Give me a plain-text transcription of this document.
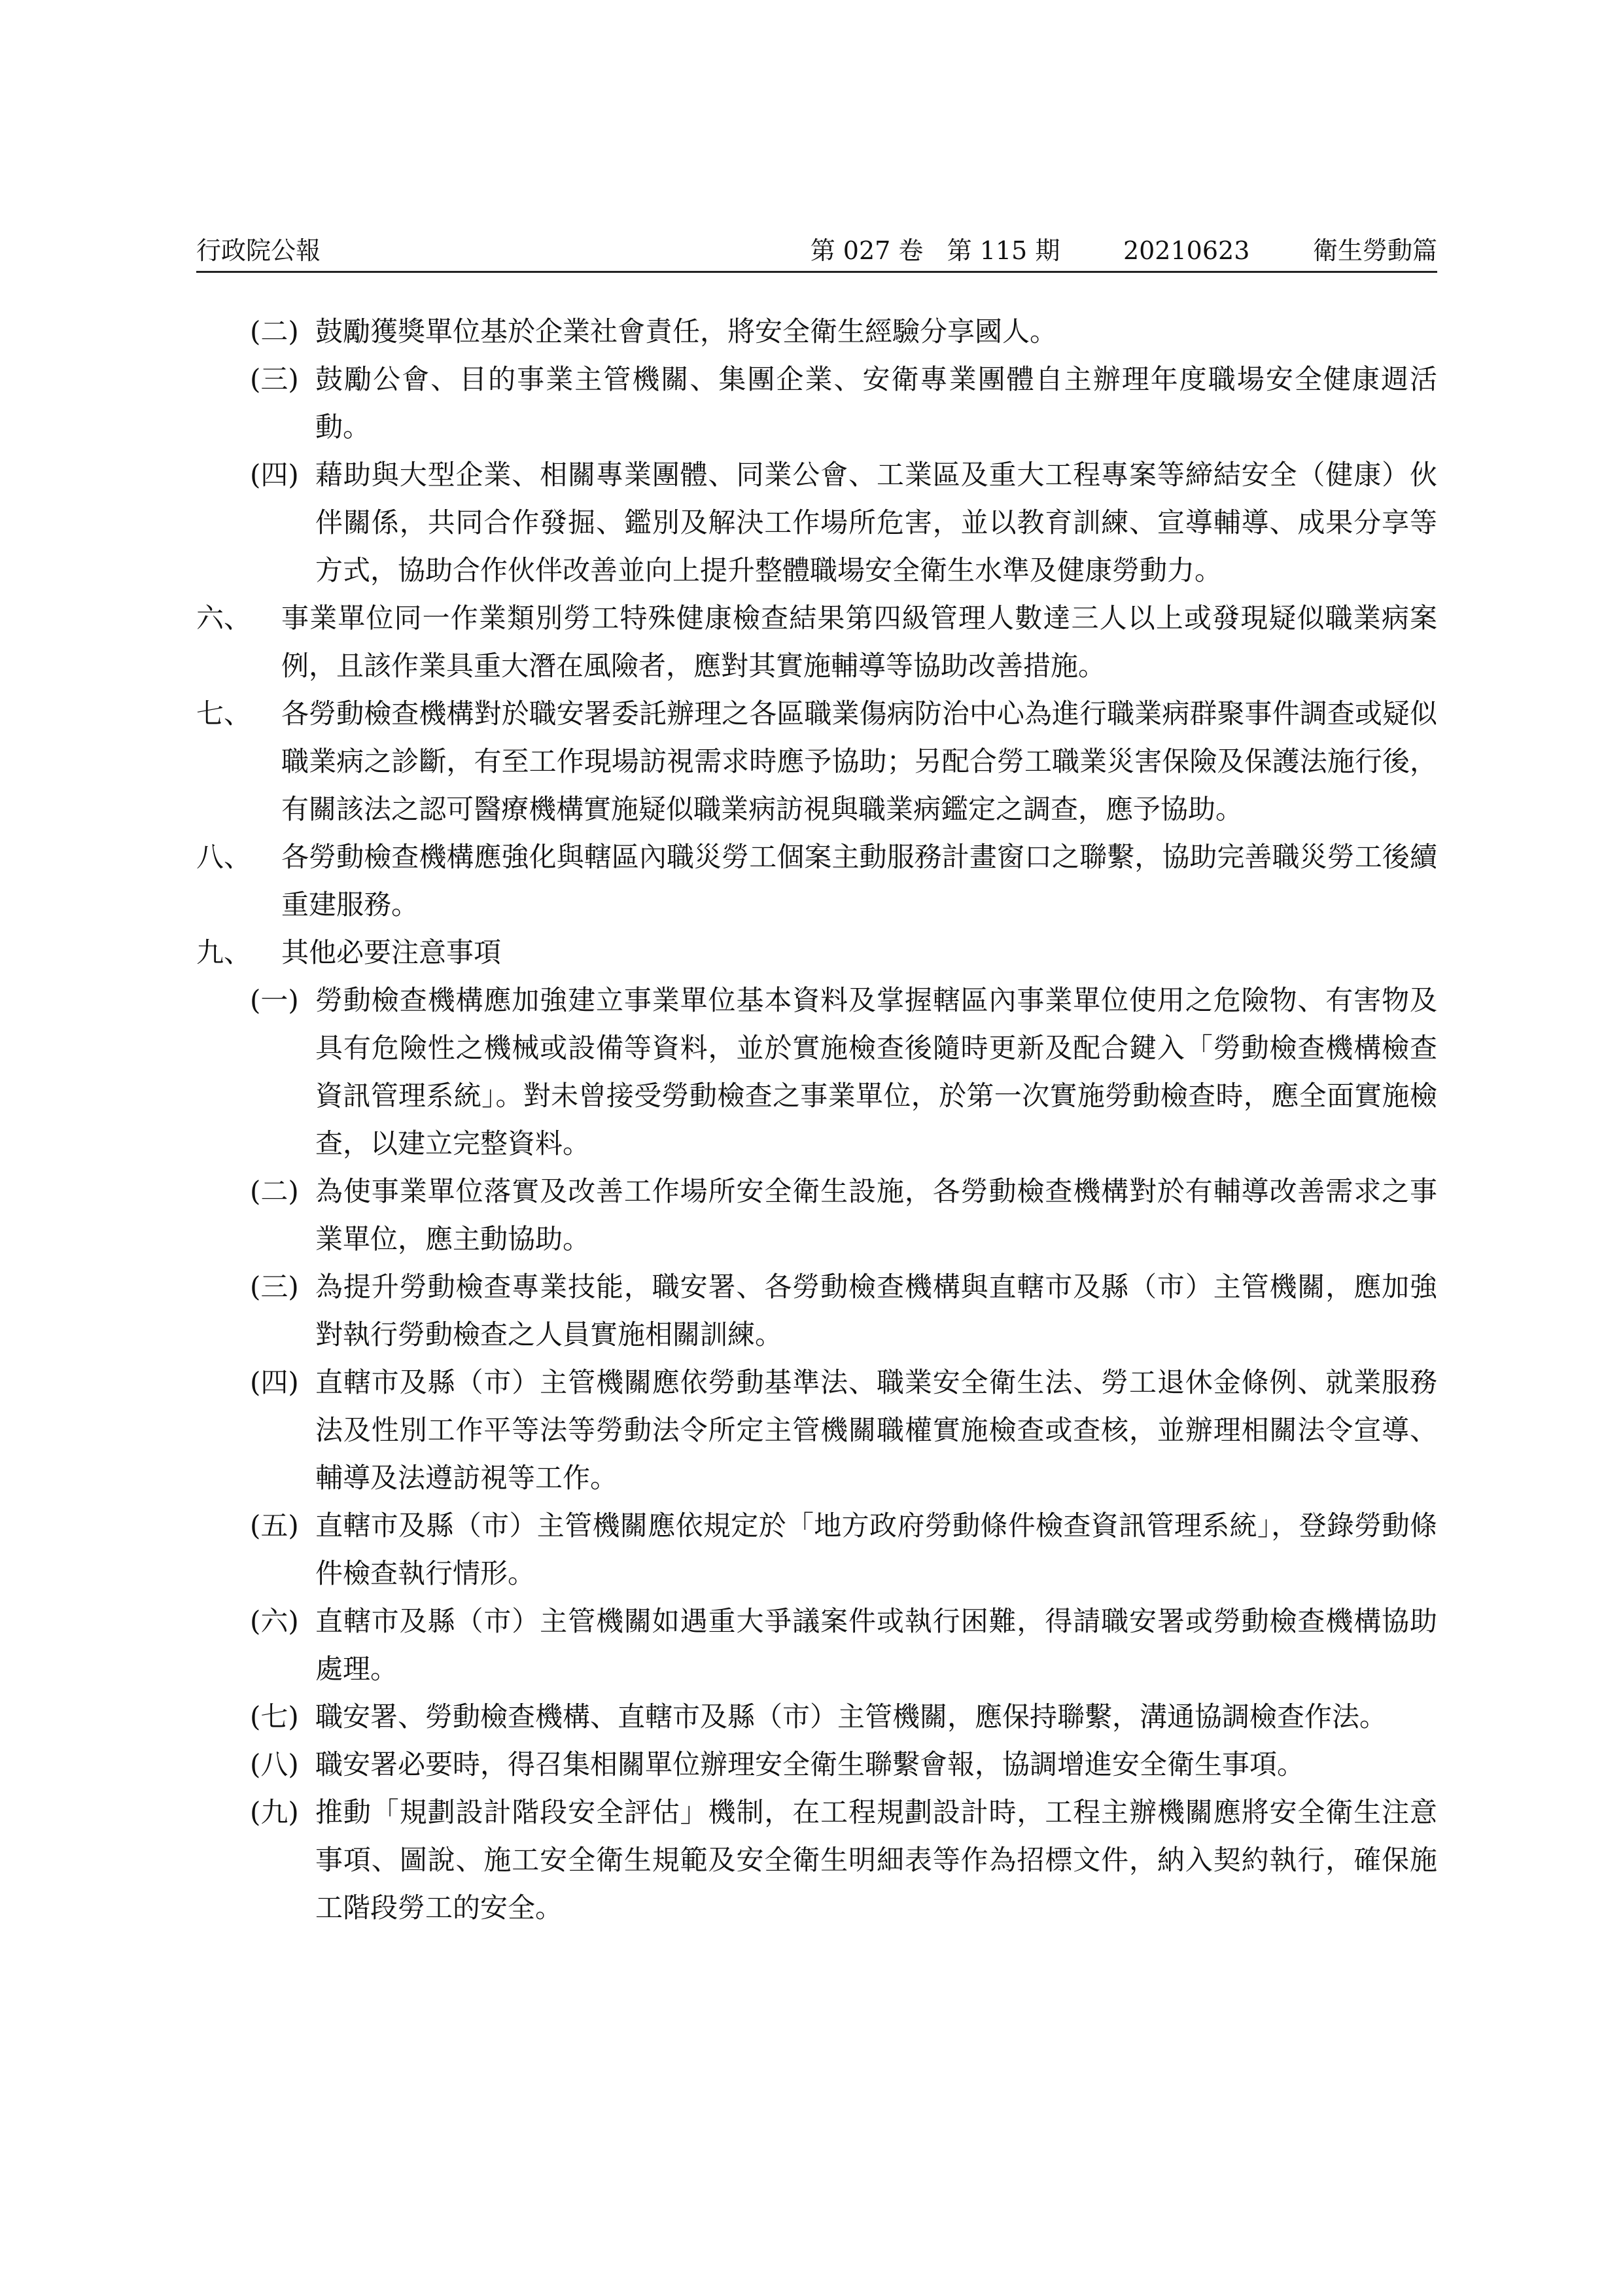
行政院公報	第 027 卷   第 115 期        20210623        衛生勞動篇
(二) 鼓勵獲獎單位基於企業社會責任，將安全衛生經驗分享國人。
(三) 鼓勵公會、目的事業主管機關、集團企業、安衛專業團體自主辦理年度職場安全健康週活動。
(四) 藉助與大型企業、相關專業團體、同業公會、工業區及重大工程專案等締結安全（健康）伙伴關係，共同合作發掘、鑑別及解決工作場所危害，並以教育訓練、宣導輔導、成果分享等方式，協助合作伙伴改善並向上提升整體職場安全衛生水準及健康勞動力。
六、	事業單位同一作業類別勞工特殊健康檢查結果第四級管理人數達三人以上或發現疑似職業病案例，且該作業具重大潛在風險者，應對其實施輔導等協助改善措施。
七、	各勞動檢查機構對於職安署委託辦理之各區職業傷病防治中心為進行職業病群聚事件調查或疑似職業病之診斷，有至工作現場訪視需求時應予協助；另配合勞工職業災害保險及保護法施行後，有關該法之認可醫療機構實施疑似職業病訪視與職業病鑑定之調查，應予協助。
八、	各勞動檢查機構應強化與轄區內職災勞工個案主動服務計畫窗口之聯繫，協助完善職災勞工後續重建服務。
九、	其他必要注意事項
(一) 勞動檢查機構應加強建立事業單位基本資料及掌握轄區內事業單位使用之危險物、有害物及具有危險性之機械或設備等資料，並於實施檢查後隨時更新及配合鍵入「勞動檢查機構檢查資訊管理系統」。對未曾接受勞動檢查之事業單位，於第一次實施勞動檢查時，應全面實施檢查，以建立完整資料。
(二) 為使事業單位落實及改善工作場所安全衛生設施，各勞動檢查機構對於有輔導改善需求之事業單位，應主動協助。
(三) 為提升勞動檢查專業技能，職安署、各勞動檢查機構與直轄市及縣（市）主管機關，應加強對執行勞動檢查之人員實施相關訓練。
(四) 直轄市及縣（市）主管機關應依勞動基準法、職業安全衛生法、勞工退休金條例、就業服務法及性別工作平等法等勞動法令所定主管機關職權實施檢查或查核，並辦理相關法令宣導、輔導及法遵訪視等工作。
(五) 直轄市及縣（市）主管機關應依規定於「地方政府勞動條件檢查資訊管理系統」，登錄勞動條件檢查執行情形。
(六) 直轄市及縣（市）主管機關如遇重大爭議案件或執行困難，得請職安署或勞動檢查機構協助處理。
(七) 職安署、勞動檢查機構、直轄市及縣（市）主管機關，應保持聯繫，溝通協調檢查作法。
(八) 職安署必要時，得召集相關單位辦理安全衛生聯繫會報，協調增進安全衛生事項。
(九) 推動「規劃設計階段安全評估」機制，在工程規劃設計時，工程主辦機關應將安全衛生注意事項、圖說、施工安全衛生規範及安全衛生明細表等作為招標文件，納入契約執行，確保施工階段勞工的安全。
